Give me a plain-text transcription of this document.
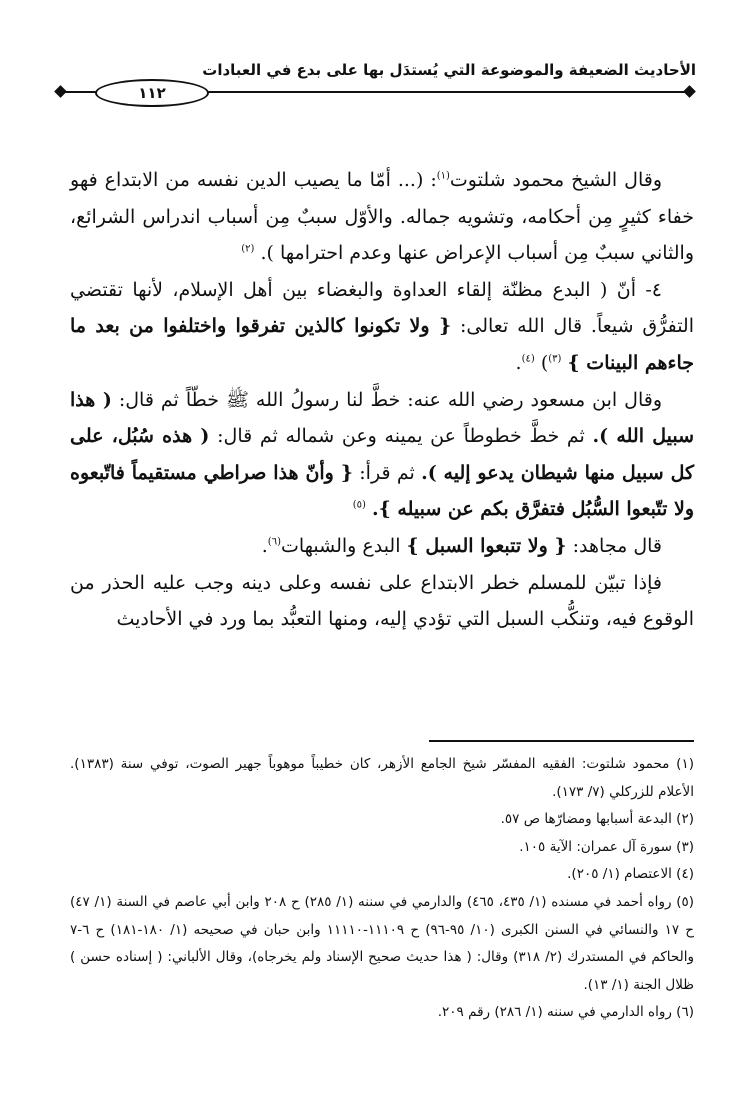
الأحاديث الضعيفة والموضوعة التي يُستدَل بها على بدع في العبادات
١١٢

وقال الشيخ محمود شلتوت$^{(١)}$: (... أمّا ما يصيب الدين نفسه من الابتداع فهو خفاء كثيرٍ مِن أحكامه، وتشويه جماله. والأوّل سببٌ مِن أسباب اندراس الشرائع، والثاني سببٌ مِن أسباب الإعراض عنها وعدم احترامها ). $^{(٢)}$

٤- أنّ ( البدع مظنّة إلقاء العداوة والبغضاء بين أهل الإسلام، لأنها تقتضي التفرُّق شيعاً. قال الله تعالى: { ولا تكونوا كالذين تفرقوا واختلفوا من بعد ما جاءهم البينات } $^{(٣)}$) $^{(٤)}$.

وقال ابن مسعود رضي الله عنه: خطَّ لنا رسولُ الله ﷺ خطّاً ثم قال: ( هذا سبيل الله ). ثم خطَّ خطوطاً عن يمينه وعن شماله ثم قال: ( هذه سُبُل، على كل سبيل منها شيطان يدعو إليه ). ثم قرأ: { وأنّ هذا صراطي مستقيماً فاتّبعوه ولا تتّبعوا السُّبُل فتفرَّق بكم عن سبيله }. $^{(٥)}$

قال مجاهد: { ولا تتبعوا السبل } البدع والشبهات$^{(٦)}$.

فإذا تبيّن للمسلم خطر الابتداع على نفسه وعلى دينه وجب عليه الحذر من الوقوع فيه، وتنكُّب السبل التي تؤدي إليه، ومنها التعبُّد بما ورد في الأحاديث

(١) محمود شلتوت: الفقيه المفسّر شيخ الجامع الأزهر، كان خطيباً موهوباً جهير الصوت، توفي سنة (١٣٨٣). الأعلام للزركلي (٧/ ١٧٣).

(٢) البدعة أسبابها ومضارّها ص ٥٧.

(٣) سورة آل عمران: الآية ١٠٥.

(٤) الاعتصام (١/ ٢٠٥).

(٥) رواه أحمد في مسنده (١/ ٤٣٥، ٤٦٥) والدارمي في سننه (١/ ٢٨٥) ح ٢٠٨ وابن أبي عاصم في السنة (١/ ٤٧) ح ١٧ والنسائي في السنن الكبرى (١٠/ ٩٥-٩٦) ح ١١١٠٩-١١١١٠ وابن حبان في صحيحه (١/ ١٨٠-١٨١) ح ٦-٧ والحاكم في المستدرك (٢/ ٣١٨) وقال: ( هذا حديث صحيح الإسناد ولم يخرجاه)، وقال الألباني: ( إسناده حسن ) ظلال الجنة (١/ ١٣).

(٦) رواه الدارمي في سننه (١/ ٢٨٦) رقم ٢٠٩.
